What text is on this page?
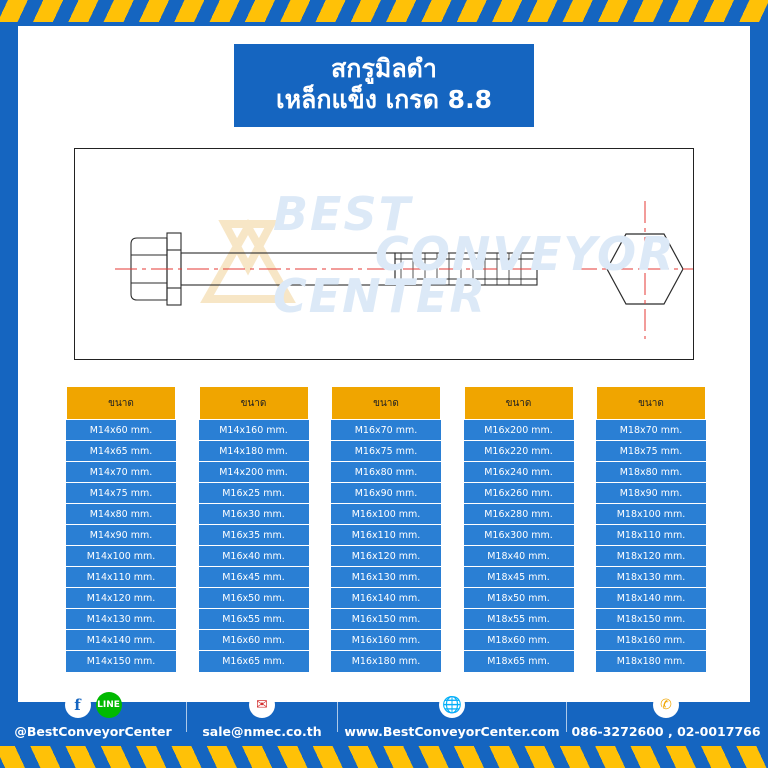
สกรูมิลดำ
เหล็กแข็ง เกรด 8.8
BEST
CONVEYOR
CENTER
ขนาด
M14x60 mm.
M14x65 mm.
M14x70 mm.
M14x75 mm.
M14x80 mm.
M14x90 mm.
M14x100 mm.
M14x110 mm.
M14x120 mm.
M14x130 mm.
M14x140 mm.
M14x150 mm.
ขนาด
M14x160 mm.
M14x180 mm.
M14x200 mm.
M16x25 mm.
M16x30 mm.
M16x35 mm.
M16x40 mm.
M16x45 mm.
M16x50 mm.
M16x55 mm.
M16x60 mm.
M16x65 mm.
ขนาด
M16x70 mm.
M16x75 mm.
M16x80 mm.
M16x90 mm.
M16x100 mm.
M16x110 mm.
M16x120 mm.
M16x130 mm.
M16x140 mm.
M16x150 mm.
M16x160 mm.
M16x180 mm.
ขนาด
M16x200 mm.
M16x220 mm.
M16x240 mm.
M16x260 mm.
M16x280 mm.
M16x300 mm.
M18x40 mm.
M18x45 mm.
M18x50 mm.
M18x55 mm.
M18x60 mm.
M18x65 mm.
ขนาด
M18x70 mm.
M18x75 mm.
M18x80 mm.
M18x90 mm.
M18x100 mm.
M18x110 mm.
M18x120 mm.
M18x130 mm.
M18x140 mm.
M18x150 mm.
M18x160 mm.
M18x180 mm.
f	LINE
@BestConveyorCenter
✉
sale@nmec.co.th
🌐
www.BestConveyorCenter.com
✆
086-3272600 , 02-0017766
